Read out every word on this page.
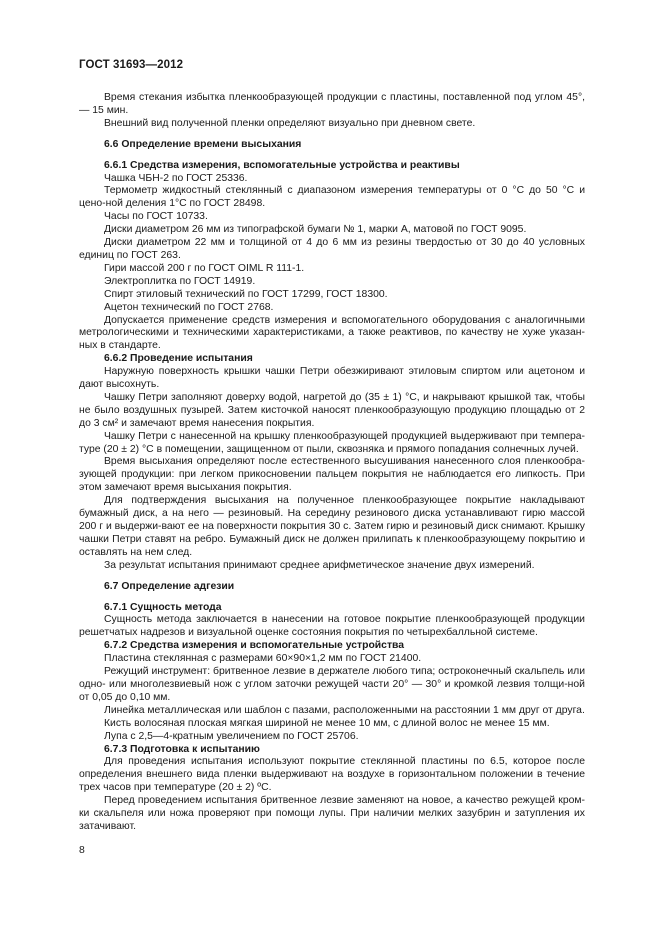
ГОСТ 31693—2012
Время стекания избытка пленкообразующей продукции с пластины, поставленной под углом 45°, — 15 мин.
Внешний вид полученной пленки определяют визуально при дневном свете.
6.6 Определение времени высыхания
6.6.1 Средства измерения, вспомогательные устройства и реактивы
Чашка ЧБН-2 по ГОСТ 25336.
Термометр жидкостный стеклянный с диапазоном измерения температуры от 0 °С до 50 °С и цено-ной деления 1°С по ГОСТ 28498.
Часы по ГОСТ 10733.
Диски диаметром 26 мм из типографской бумаги № 1, марки А, матовой по ГОСТ 9095.
Диски диаметром 22 мм и толщиной от 4 до 6 мм из резины твердостью от 30 до 40 условных единиц по ГОСТ 263.
Гири массой 200 г по ГОСТ OIML R 111-1.
Электроплитка по ГОСТ 14919.
Спирт этиловый технический по ГОСТ 17299, ГОСТ 18300.
Ацетон технический по ГОСТ 2768.
Допускается применение средств измерения и вспомогательного оборудования с аналогичными метрологическими и техническими характеристиками, а также реактивов, по качеству не хуже указан-ных в стандарте.
6.6.2 Проведение испытания
Наружную поверхность крышки чашки Петри обезжиривают этиловым спиртом или ацетоном и дают высохнуть.
Чашку Петри заполняют доверху водой, нагретой до (35 ± 1) °С, и накрывают крышкой так, чтобы не было воздушных пузырей. Затем кисточкой наносят пленкообразующую продукцию площадью от 2 до 3 см² и замечают время нанесения покрытия.
Чашку Петри с нанесенной на крышку пленкообразующей продукцией выдерживают при темпера-туре (20 ± 2) °С в помещении, защищенном от пыли, сквозняка и прямого попадания солнечных лучей.
Время высыхания определяют после естественного высушивания нанесенного слоя пленкообра-зующей продукции: при легком прикосновении пальцем покрытия не наблюдается его липкость. При этом замечают время высыхания покрытия.
Для подтверждения высыхания на полученное пленкообразующее покрытие накладывают бумажный диск, а на него — резиновый. На середину резинового диска устанавливают гирю массой 200 г и выдержи-вают ее на поверхности покрытия 30 с. Затем гирю и резиновый диск снимают. Крышку чашки Петри ставят на ребро. Бумажный диск не должен прилипать к пленкообразующему покрытию и оставлять на нем след.
За результат испытания принимают среднее арифметическое значение двух измерений.
6.7 Определение адгезии
6.7.1 Сущность метода
Сущность метода заключается в нанесении на готовое покрытие пленкообразующей продукции решетчатых надрезов и визуальной оценке состояния покрытия по четырехбалльной системе.
6.7.2 Средства измерения и вспомогательные устройства
Пластина стеклянная с размерами 60×90×1,2 мм по ГОСТ 21400.
Режущий инструмент: бритвенное лезвие в держателе любого типа; остроконечный скальпель или одно- или многолезвиевый нож с углом заточки режущей части 20° — 30° и кромкой лезвия толщи-ной от 0,05 до 0,10 мм.
Линейка металлическая или шаблон с пазами, расположенными на расстоянии 1 мм друг от друга.
Кисть волосяная плоская мягкая шириной не менее 10 мм, с длиной волос не менее 15 мм.
Лупа с 2,5—4-кратным увеличением по ГОСТ 25706.
6.7.3 Подготовка к испытанию
Для проведения испытания используют покрытие стеклянной пластины по 6.5, которое после определения внешнего вида пленки выдерживают на воздухе в горизонтальном положении в течение трех часов при температуре (20 ± 2) ºС.
Перед проведением испытания бритвенное лезвие заменяют на новое, а качество режущей кром-ки скальпеля или ножа проверяют при помощи лупы. При наличии мелких зазубрин и затупления их затачивают.
8
